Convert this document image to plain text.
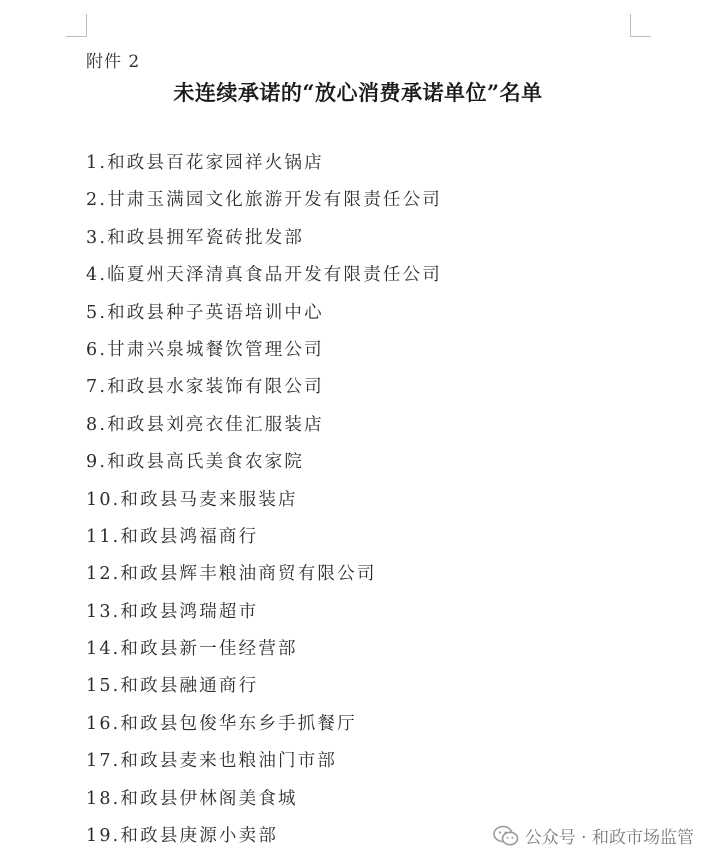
附件 2
未连续承诺的“放心消费承诺单位”名单
1.和政县百花家园祥火锅店
2.甘肃玉满园文化旅游开发有限责任公司
3.和政县拥军瓷砖批发部
4.临夏州天泽清真食品开发有限责任公司
5.和政县种子英语培训中心
6.甘肃兴泉城餐饮管理公司
7.和政县水家装饰有限公司
8.和政县刘亮衣佳汇服装店
9.和政县高氏美食农家院
10.和政县马麦来服装店
11.和政县鸿福商行
12.和政县辉丰粮油商贸有限公司
13.和政县鸿瑞超市
14.和政县新一佳经营部
15.和政县融通商行
16.和政县包俊华东乡手抓餐厅
17.和政县麦来也粮油门市部
18.和政县伊林阁美食城
19.和政县庚源小卖部	公众号 · 和政市场监管
